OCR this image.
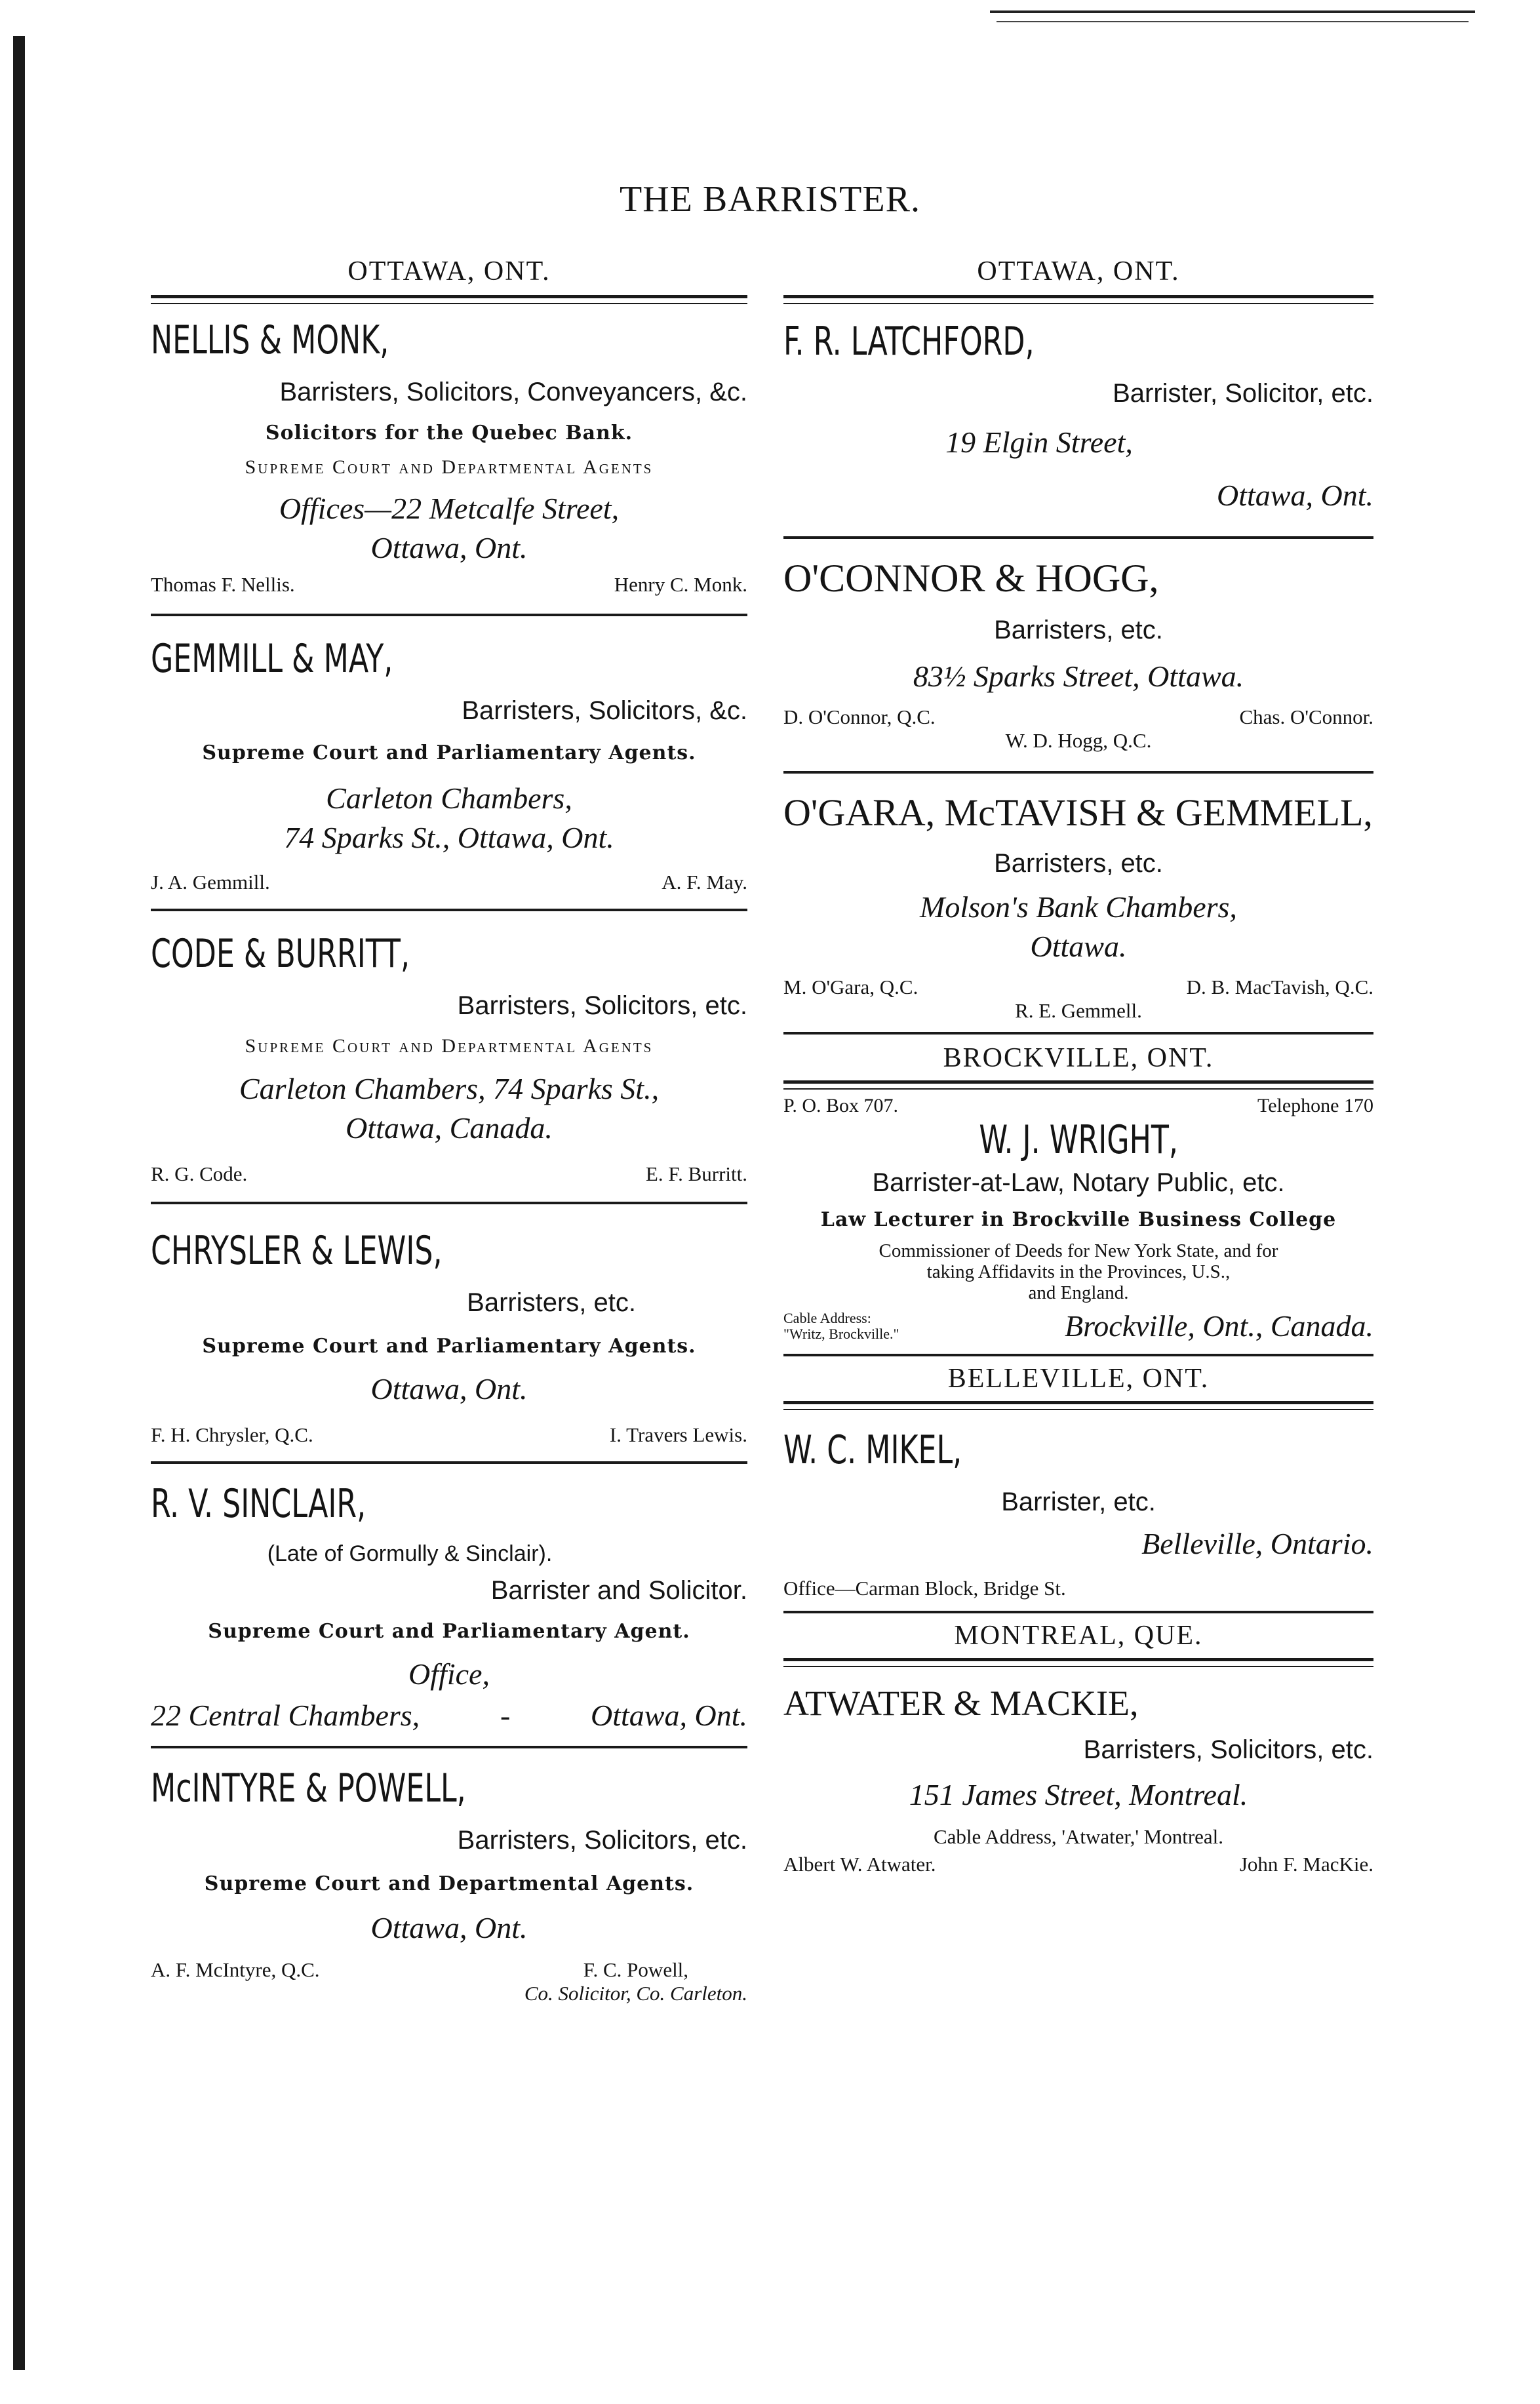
THE BARRISTER.
OTTAWA, ONT.
NELLIS & MONK,
Barristers, Solicitors, Conveyancers, &c.
Solicitors for the Quebec Bank.
Supreme Court and Departmental Agents
Offices—22 Metcalfe Street,
Ottawa, Ont.
Thomas F. Nellis.	Henry C. Monk.
GEMMILL & MAY,
Barristers, Solicitors, &c.
Supreme Court and Parliamentary Agents.
Carleton Chambers,
74 Sparks St., Ottawa, Ont.
J. A. Gemmill.	A. F. May.
CODE & BURRITT,
Barristers, Solicitors, etc.
Supreme Court and Departmental Agents
Carleton Chambers, 74 Sparks St.,
Ottawa, Canada.
R. G. Code.	E. F. Burritt.
CHRYSLER & LEWIS,
Barristers, etc.
Supreme Court and Parliamentary Agents.
Ottawa, Ont.
F. H. Chrysler, Q.C.	I. Travers Lewis.
R. V. SINCLAIR,
(Late of Gormully & Sinclair).
Barrister and Solicitor.
Supreme Court and Parliamentary Agent.
Office,
22 Central Chambers,	-	Ottawa, Ont.
McINTYRE & POWELL,
Barristers, Solicitors, etc.
Supreme Court and Departmental Agents.
Ottawa, Ont.
A. F. McIntyre, Q.C.	F. C. Powell,
Co. Solicitor, Co. Carleton.
OTTAWA, ONT.
F. R. LATCHFORD,
Barrister, Solicitor, etc.
19 Elgin Street,
Ottawa, Ont.
O'CONNOR & HOGG,
Barristers, etc.
83½ Sparks Street, Ottawa.
D. O'Connor, Q.C.	Chas. O'Connor.
W. D. Hogg, Q.C.
O'GARA, McTAVISH & GEMMELL,
Barristers, etc.
Molson's Bank Chambers,
Ottawa.
M. O'Gara, Q.C.	D. B. MacTavish, Q.C.
R. E. Gemmell.
BROCKVILLE, ONT.
P. O. Box 707.	Telephone 170
W. J. WRIGHT,
Barrister-at-Law, Notary Public, etc.
Law Lecturer in Brockville Business College
Commissioner of Deeds for New York State, and for
taking Affidavits in the Provinces, U.S.,
and England.
Cable Address:
"Writz, Brockville."	Brockville, Ont., Canada.
BELLEVILLE, ONT.
W. C. MIKEL,
Barrister, etc.
Belleville, Ontario.
Office—Carman Block, Bridge St.
MONTREAL, QUE.
ATWATER & MACKIE,
Barristers, Solicitors, etc.
151 James Street, Montreal.
Cable Address, 'Atwater,' Montreal.
Albert W. Atwater.	John F. MacKie.
